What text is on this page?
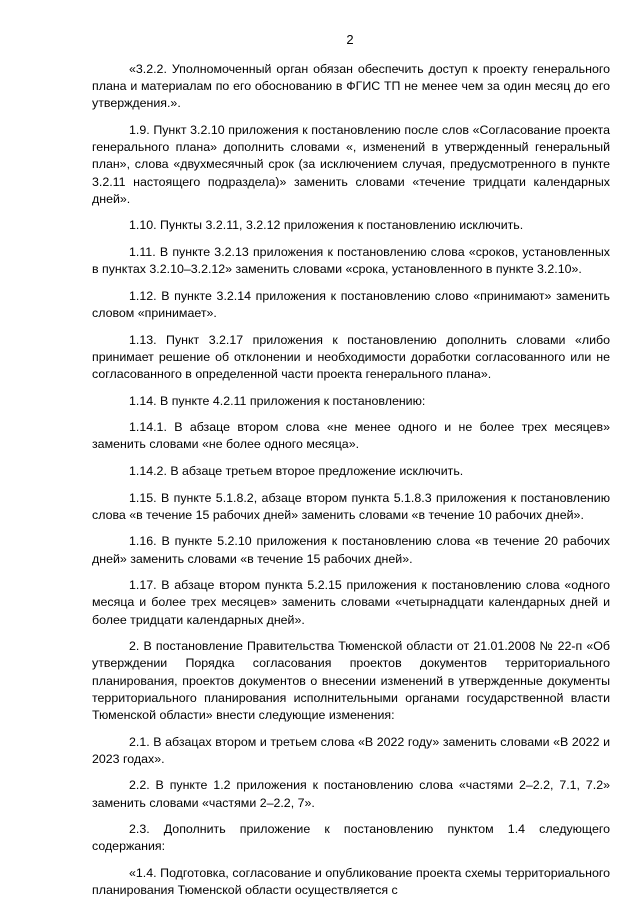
2

«3.2.2. Уполномоченный орган обязан обеспечить доступ к проекту генерального плана и материалам по его обоснованию в ФГИС ТП не менее чем за один месяц до его утверждения.».

1.9. Пункт 3.2.10 приложения к постановлению после слов «Согласование проекта генерального плана» дополнить словами «, изменений в утвержденный генеральный план», слова «двухмесячный срок (за исключением случая, предусмотренного в пункте 3.2.11 настоящего подраздела)» заменить словами «течение тридцати календарных дней».

1.10. Пункты 3.2.11, 3.2.12 приложения к постановлению исключить.

1.11. В пункте 3.2.13 приложения к постановлению слова «сроков, установленных в пунктах 3.2.10–3.2.12» заменить словами «срока, установленного в пункте 3.2.10».

1.12. В пункте 3.2.14 приложения к постановлению слово «принимают» заменить словом «принимает».

1.13. Пункт 3.2.17 приложения к постановлению дополнить словами «либо принимает решение об отклонении и необходимости доработки согласованного или не согласованного в определенной части проекта генерального плана».

1.14. В пункте 4.2.11 приложения к постановлению:

1.14.1. В абзаце втором слова «не менее одного и не более трех месяцев» заменить словами «не более одного месяца».

1.14.2. В абзаце третьем второе предложение исключить.

1.15. В пункте 5.1.8.2, абзаце втором пункта 5.1.8.3 приложения к постановлению слова «в течение 15 рабочих дней» заменить словами «в течение 10 рабочих дней».

1.16. В пункте 5.2.10 приложения к постановлению слова «в течение 20 рабочих дней» заменить словами «в течение 15 рабочих дней».

1.17. В абзаце втором пункта 5.2.15 приложения к постановлению слова «одного месяца и более трех месяцев» заменить словами «четырнадцати календарных дней и более тридцати календарных дней».

2. В постановление Правительства Тюменской области от 21.01.2008 № 22-п «Об утверждении Порядка согласования проектов документов территориального планирования, проектов документов о внесении изменений в утвержденные документы территориального планирования исполнительными органами государственной власти Тюменской области» внести следующие изменения:

2.1. В абзацах втором и третьем слова «В 2022 году» заменить словами «В 2022 и 2023 годах».

2.2. В пункте 1.2 приложения к постановлению слова «частями 2–2.2, 7.1, 7.2» заменить словами «частями 2–2.2, 7».

2.3. Дополнить приложение к постановлению пунктом 1.4 следующего содержания:

«1.4. Подготовка, согласование и опубликование проекта схемы территориального планирования Тюменской области осуществляется с
